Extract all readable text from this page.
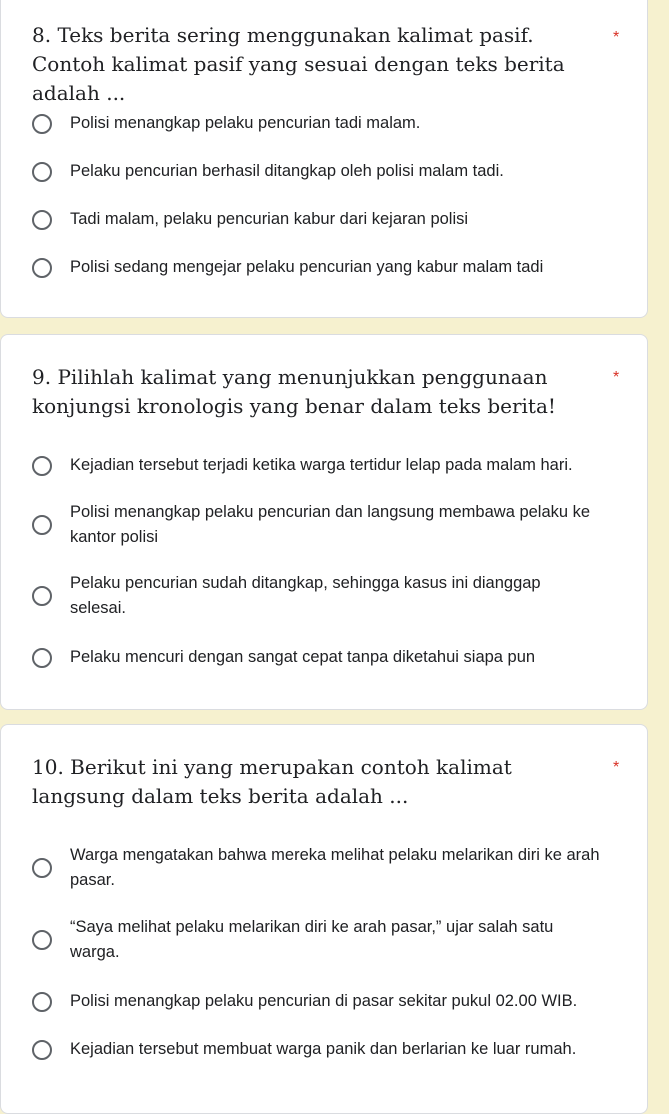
8. Teks berita sering menggunakan kalimat pasif. Contoh kalimat pasif yang sesuai dengan teks berita adalah ...

*
Polisi menangkap pelaku pencurian tadi malam.
Pelaku pencurian berhasil ditangkap oleh polisi malam tadi.
Tadi malam, pelaku pencurian kabur dari kejaran polisi
Polisi sedang mengejar pelaku pencurian yang kabur malam tadi

9. Pilihlah kalimat yang menunjukkan penggunaan konjungsi kronologis yang benar dalam teks berita!

*
Kejadian tersebut terjadi ketika warga tertidur lelap pada malam hari.
Polisi menangkap pelaku pencurian dan langsung membawa pelaku ke kantor polisi
Pelaku pencurian sudah ditangkap, sehingga kasus ini dianggap selesai.
Pelaku mencuri dengan sangat cepat tanpa diketahui siapa pun

10. Berikut ini yang merupakan contoh kalimat langsung dalam teks berita adalah ...

*
Warga mengatakan bahwa mereka melihat pelaku melarikan diri ke arah pasar.
“Saya melihat pelaku melarikan diri ke arah pasar,” ujar salah satu warga.
Polisi menangkap pelaku pencurian di pasar sekitar pukul 02.00 WIB.
Kejadian tersebut membuat warga panik dan berlarian ke luar rumah.
